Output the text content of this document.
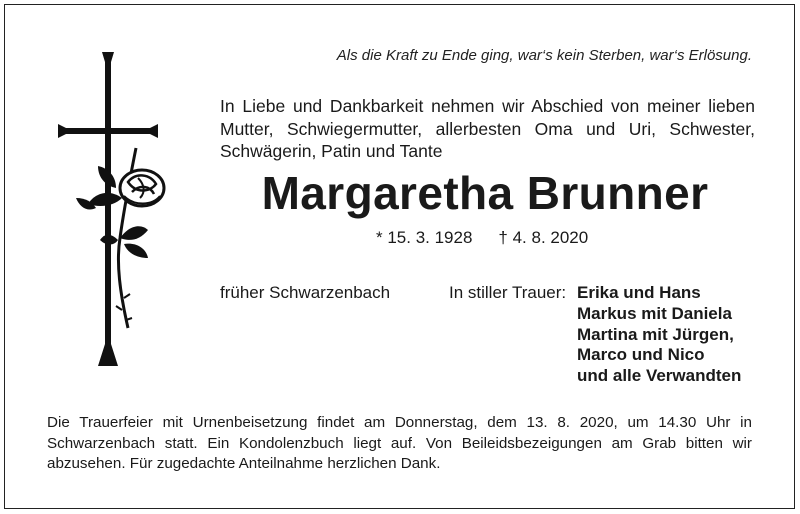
Als die Kraft zu Ende ging, war‘s kein Sterben, war‘s Erlösung.
In Liebe und Dankbarkeit nehmen wir Abschied von meiner lieben Mutter, Schwiegermutter, allerbesten Oma und Uri, Schwester, Schwägerin, Patin und Tante
Margaretha Brunner
* 15. 3. 1928 † 4. 8. 2020
früher Schwarzenbach	In stiller Trauer: Erika und Hans
Markus mit Daniela
Martina mit Jürgen,
Marco und Nico
und alle Verwandten
Die Trauerfeier mit Urnenbeisetzung findet am Donnerstag, dem 13. 8. 2020, um 14.30 Uhr in Schwarzenbach statt. Ein Kondolenzbuch liegt auf. Von Beileidsbezeigungen am Grab bitten wir abzusehen. Für zugedachte Anteilnahme herzlichen Dank.
